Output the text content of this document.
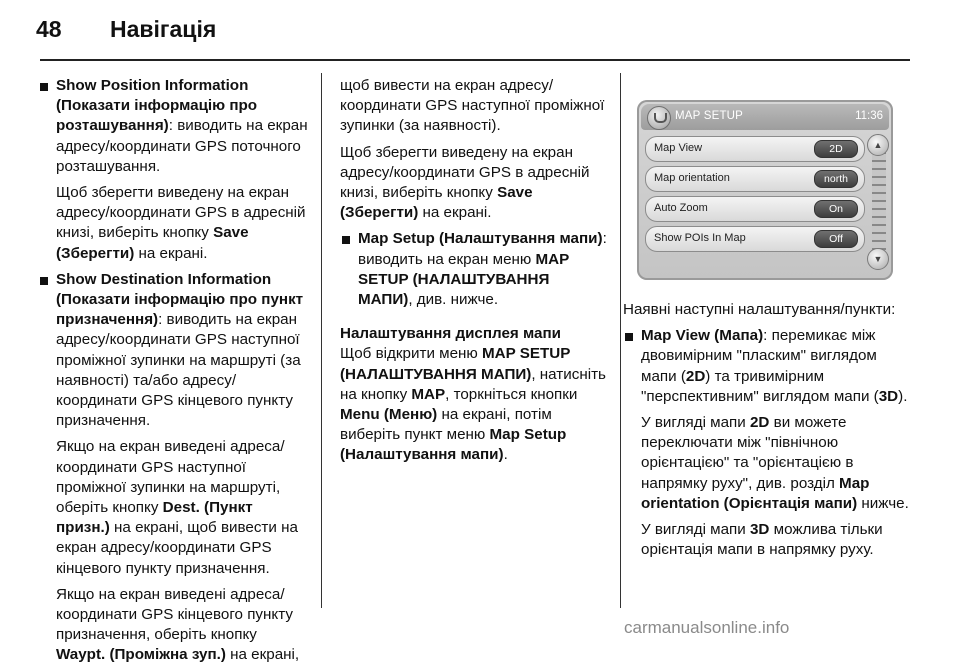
48 Навігація
Show Position Information (Показати інформацію про розташування): виводить на екран адресу/координати GPS поточного розташування.
Щоб зберегти виведену на екран адресу/координати GPS в адресній книзі, виберіть кнопку Save (Зберегти) на екрані.
Show Destination Information (Показати інформацію про пункт призначення): виводить на екран адресу/координати GPS наступної проміжної зупинки на маршруті (за наявності) та/або адресу/координати GPS кінцевого пункту призначення.
Якщо на екран виведені адреса/координати GPS наступної проміжної зупинки на маршруті, оберіть кнопку Dest. (Пункт призн.) на екрані, щоб вивести на екран адресу/координати GPS кінцевого пункту призначення.
Якщо на екран виведені адреса/координати GPS кінцевого пункту призначення, оберіть кнопку Waypt. (Проміжна зуп.) на екрані,
щоб вивести на екран адресу/координати GPS наступної проміжної зупинки (за наявності).
Щоб зберегти виведену на екран адресу/координати GPS в адресній книзі, виберіть кнопку Save (Зберегти) на екрані.
Map Setup (Налаштування мапи): виводить на екран меню MAP SETUP (НАЛАШТУВАННЯ МАПИ), див. нижче.
Налаштування дисплея мапи
Щоб відкрити меню MAP SETUP (НАЛАШТУВАННЯ МАПИ), натисніть на кнопку MAP, торкніться кнопки Menu (Меню) на екрані, потім виберіть пункт меню Map Setup (Налаштування мапи).
MAP SETUP	11:36
Map View	2D
Map orientation	north
Auto Zoom	On
Show POIs In Map	Off
▲
▼
Наявні наступні налаштування/пункти:
Map View (Мапа): перемикає між двовимірним "пласким" виглядом мапи (2D) та тривимірним "перспективним" виглядом мапи (3D).
У вигляді мапи 2D ви можете переключати між "північною орієнтацією" та "орієнтацією в напрямку руху", див. розділ Map orientation (Орієнтація мапи) нижче.
У вигляді мапи 3D можлива тільки орієнтація мапи в напрямку руху.
carmanualsonline.info
